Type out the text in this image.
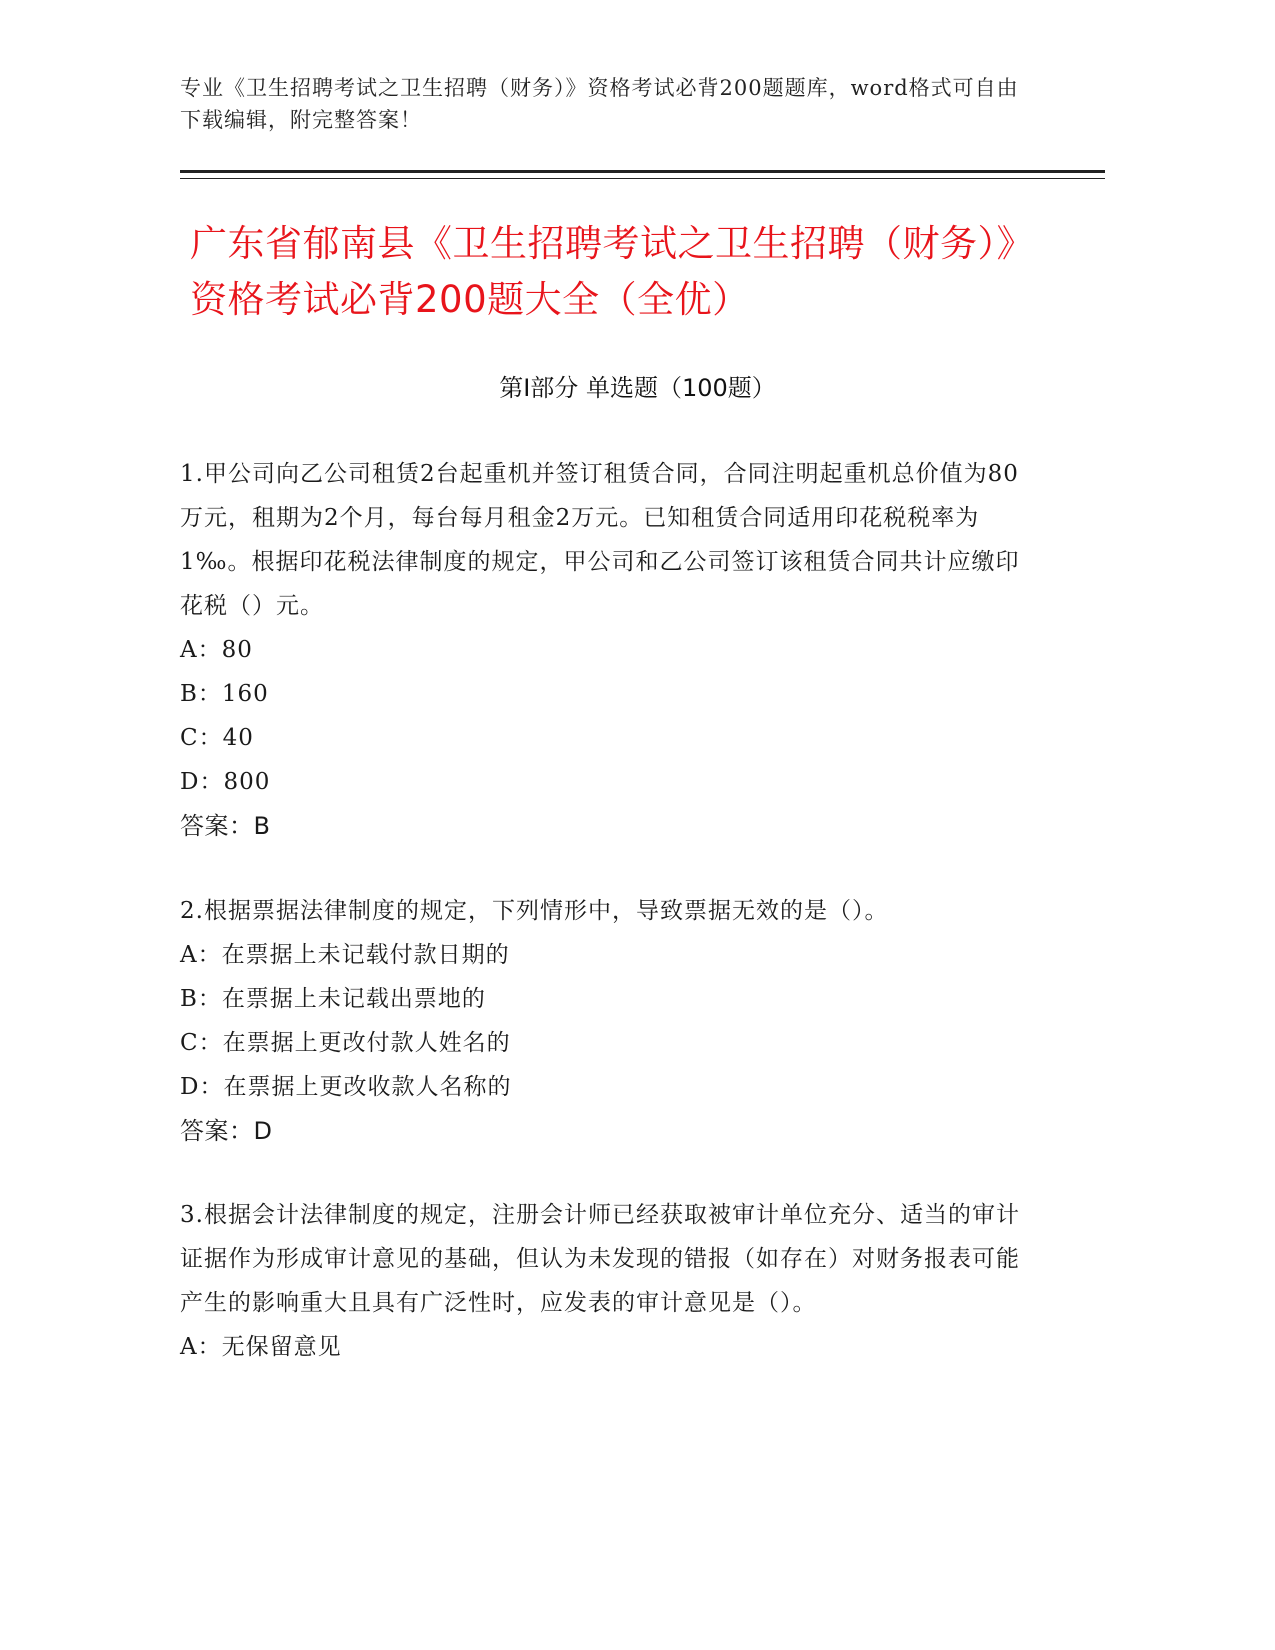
专业《卫生招聘考试之卫生招聘（财务）》资格考试必背200题题库，word格式可自由下载编辑，附完整答案！
广东省郁南县《卫生招聘考试之卫生招聘（财务）》资格考试必背200题大全（全优）
第Ⅰ部分 单选题（100题）

1.甲公司向乙公司租赁2台起重机并签订租赁合同，合同注明起重机总价值为80万元，租期为2个月，每台每月租金2万元。已知租赁合同适用印花税税率为1‰。根据印花税法律制度的规定，甲公司和乙公司签订该租赁合同共计应缴印花税（）元。

A：80

B：160

C：40

D：800

答案：B

2.根据票据法律制度的规定，下列情形中，导致票据无效的是（）。

A：在票据上未记载付款日期的

B：在票据上未记载出票地的

C：在票据上更改付款人姓名的

D：在票据上更改收款人名称的

答案：D

3.根据会计法律制度的规定，注册会计师已经获取被审计单位充分、适当的审计证据作为形成审计意见的基础，但认为未发现的错报（如存在）对财务报表可能产生的影响重大且具有广泛性时，应发表的审计意见是（）。

A：无保留意见
